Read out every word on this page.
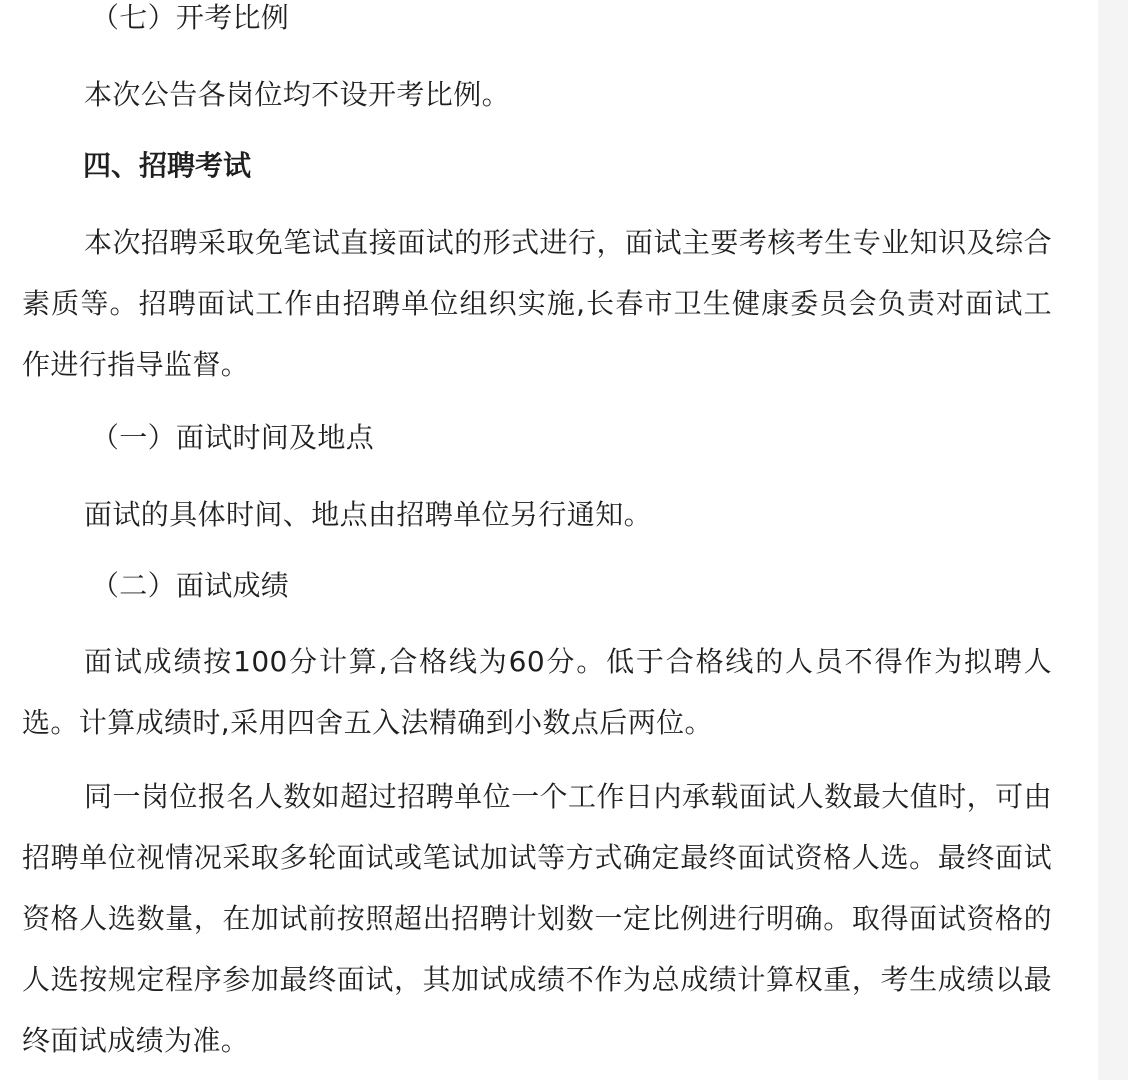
（七）开考比例

本次公告各岗位均不设开考比例。

四、招聘考试

本次招聘采取免笔试直接面试的形式进行，面试主要考核考生专业知识及综合素质等。招聘面试工作由招聘单位组织实施,长春市卫生健康委员会负责对面试工作进行指导监督。

（一）面试时间及地点

面试的具体时间、地点由招聘单位另行通知。

（二）面试成绩

面试成绩按100分计算,合格线为60分。低于合格线的人员不得作为拟聘人选。计算成绩时,采用四舍五入法精确到小数点后两位。

同一岗位报名人数如超过招聘单位一个工作日内承载面试人数最大值时，可由招聘单位视情况采取多轮面试或笔试加试等方式确定最终面试资格人选。最终面试资格人选数量，在加试前按照超出招聘计划数一定比例进行明确。取得面试资格的人选按规定程序参加最终面试，其加试成绩不作为总成绩计算权重，考生成绩以最终面试成绩为准。
